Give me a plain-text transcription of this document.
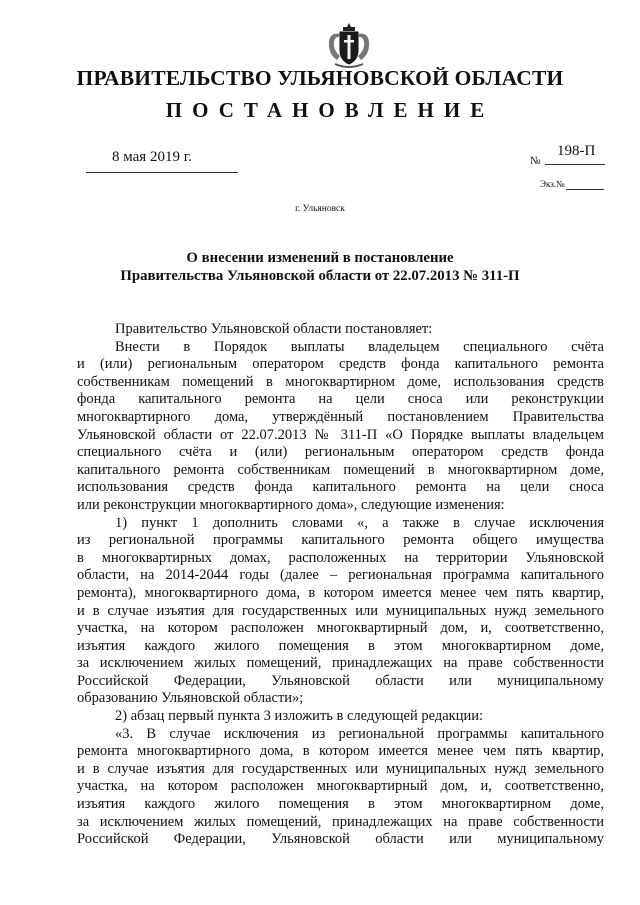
ПРАВИТЕЛЬСТВО УЛЬЯНОВСКОЙ ОБЛАСТИ
ПОСТАНОВЛЕНИЕ
8 мая 2019 г.	№
198-П
Экз.№
г. Ульяновск
О внесении изменений в постановление
Правительства Ульяновской области от 22.07.2013 № 311-П
Правительство Ульяновской области постановляет:
Внести в Порядок выплаты владельцем специального счёта
и (или) региональным оператором средств фонда капитального ремонта
собственникам помещений в многоквартирном доме, использования средств
фонда капитального ремонта на цели сноса или реконструкции
многоквартирного дома, утверждённый постановлением Правительства
Ульяновской области от 22.07.2013 № 311-П «О Порядке выплаты владельцем
специального счёта и (или) региональным оператором средств фонда
капитального ремонта собственникам помещений в многоквартирном доме,
использования средств фонда капитального ремонта на цели сноса
или реконструкции многоквартирного дома», следующие изменения:
1) пункт 1 дополнить словами «, а также в случае исключения
из региональной программы капитального ремонта общего имущества
в многоквартирных домах, расположенных на территории Ульяновской
области, на 2014-2044 годы (далее – региональная программа капитального
ремонта), многоквартирного дома, в котором имеется менее чем пять квартир,
и в случае изъятия для государственных или муниципальных нужд земельного
участка, на котором расположен многоквартирный дом, и, соответственно,
изъятия каждого жилого помещения в этом многоквартирном доме,
за исключением жилых помещений, принадлежащих на праве собственности
Российской Федерации, Ульяновской области или муниципальному
образованию Ульяновской области»;
2) абзац первый пункта 3 изложить в следующей редакции:
«3. В случае исключения из региональной программы капитального
ремонта многоквартирного дома, в котором имеется менее чем пять квартир,
и в случае изъятия для государственных или муниципальных нужд земельного
участка, на котором расположен многоквартирный дом, и, соответственно,
изъятия каждого жилого помещения в этом многоквартирном доме,
за исключением жилых помещений, принадлежащих на праве собственности
Российской Федерации, Ульяновской области или муниципальному
